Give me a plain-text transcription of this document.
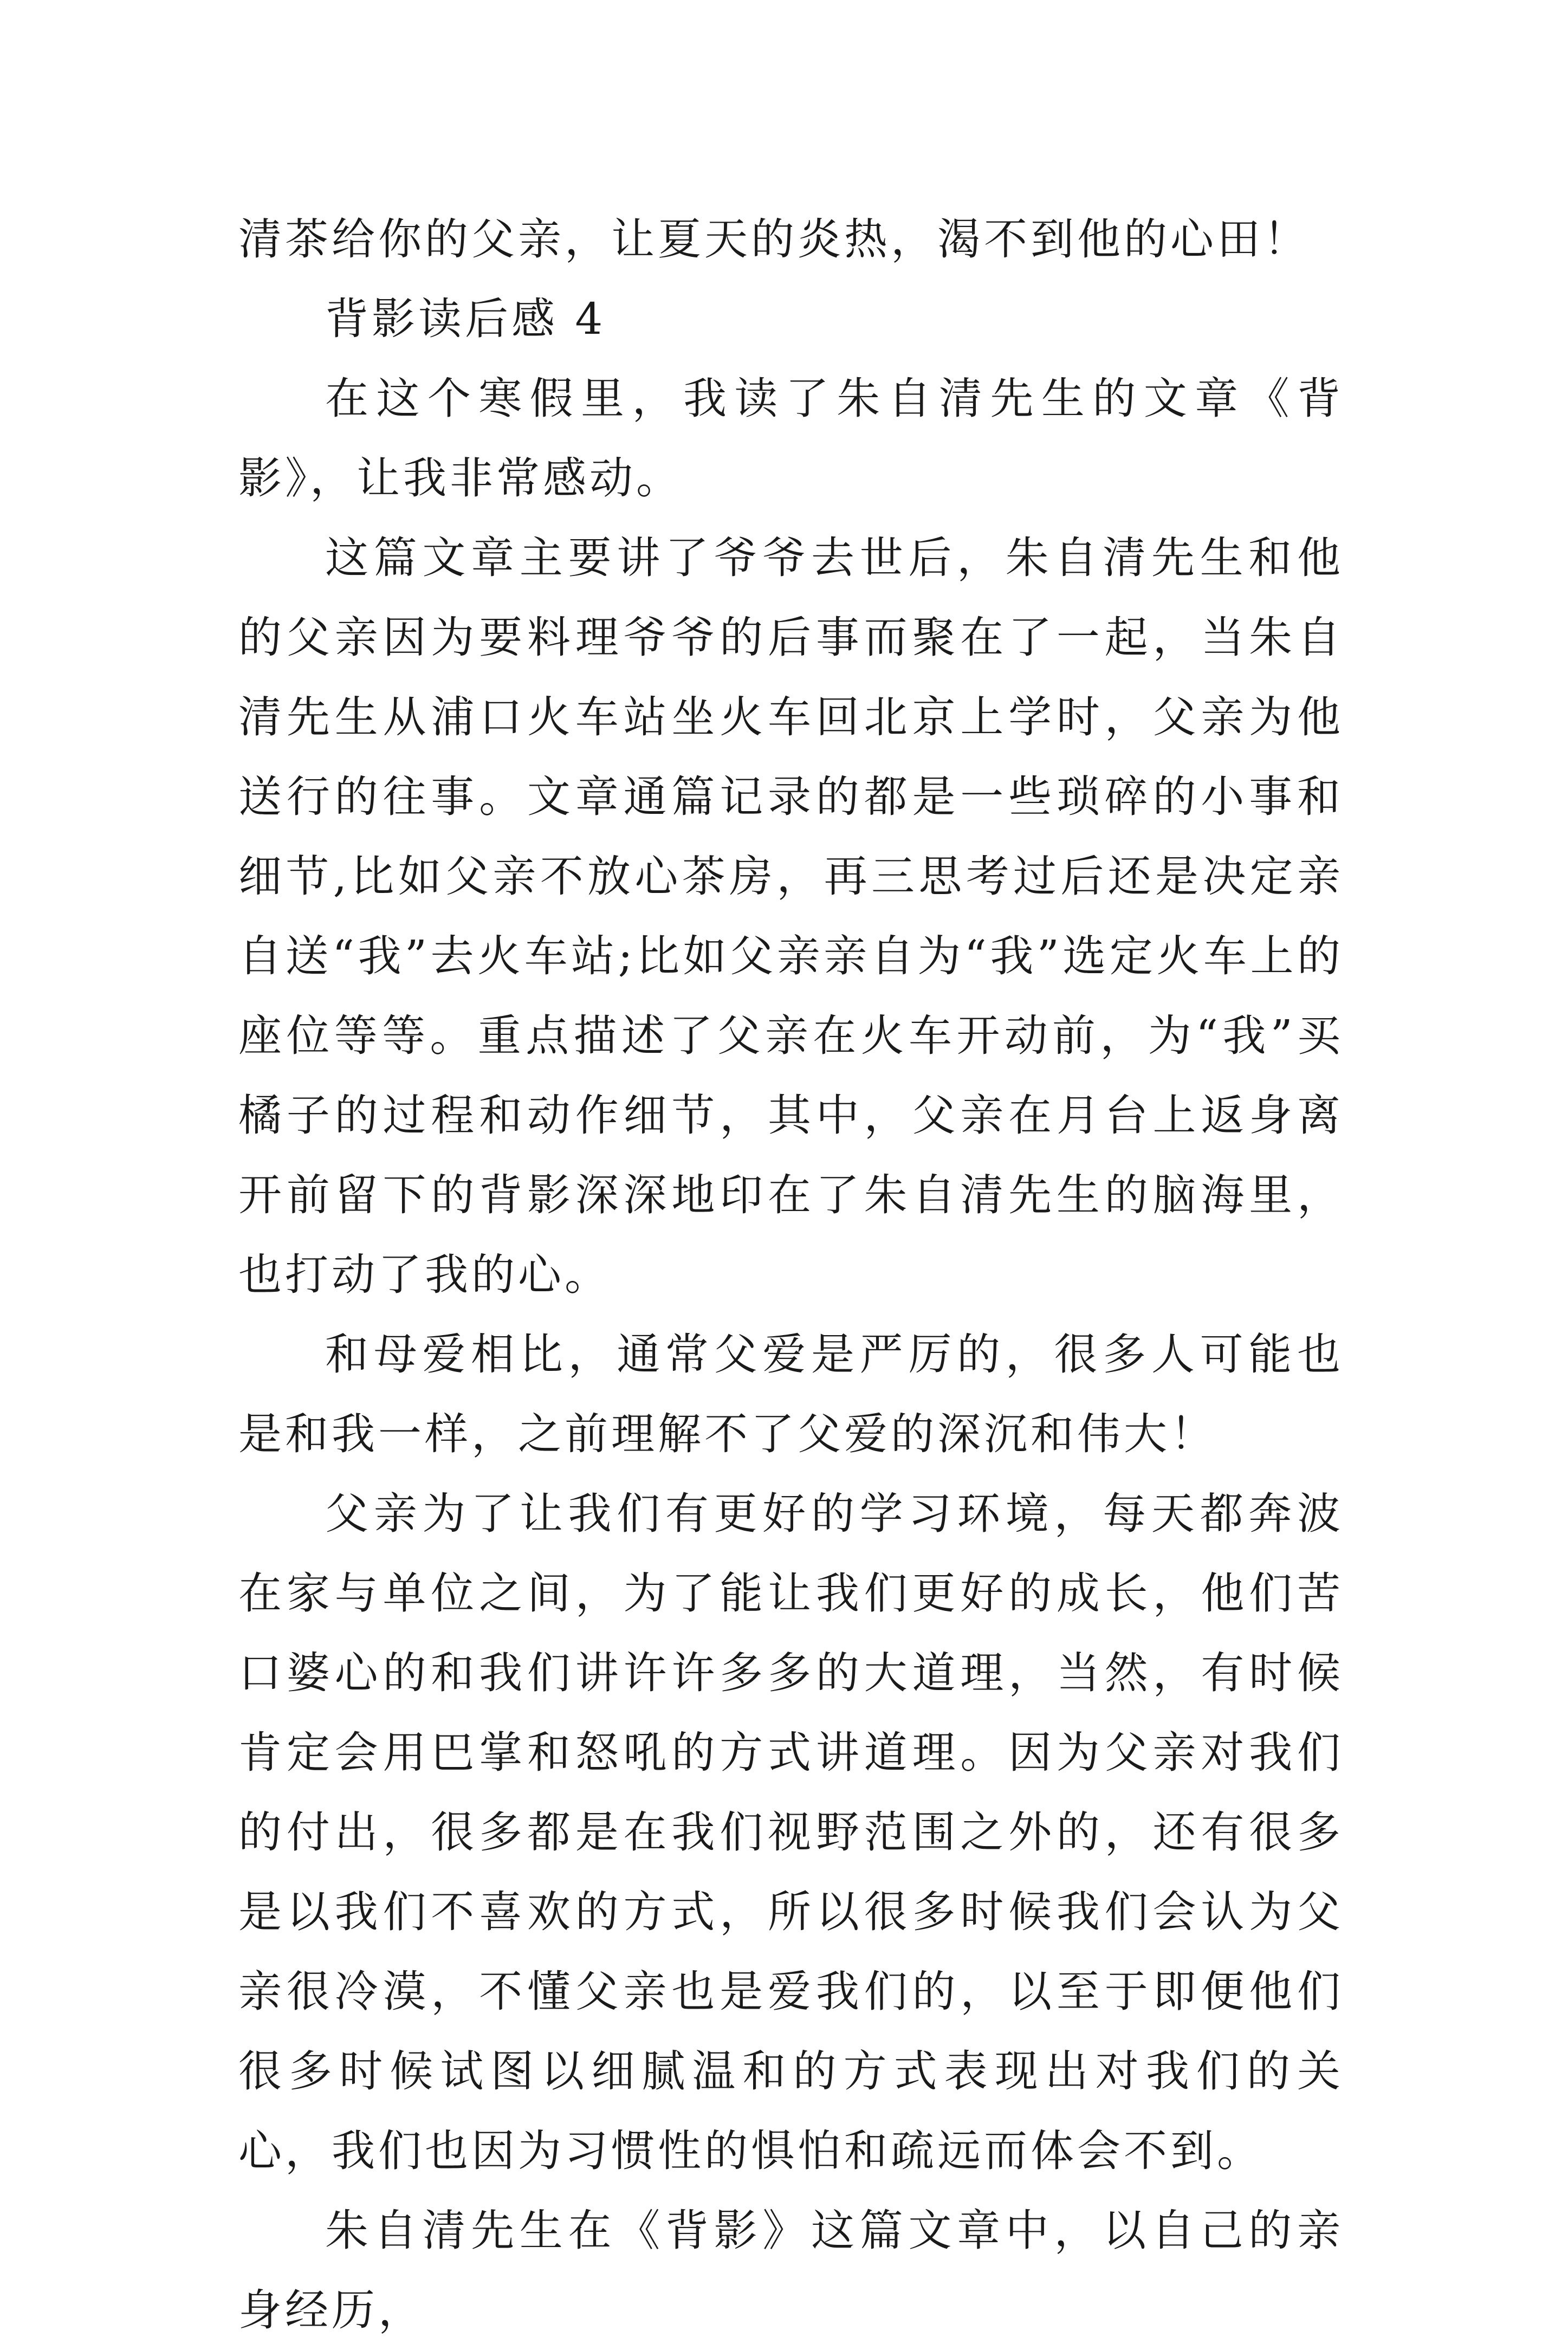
清茶给你的父亲，让夏天的炎热，渴不到他的心田！

背影读后感 4

在这个寒假里，我读了朱自清先生的文章《背影》，让我非常感动。

这篇文章主要讲了爷爷去世后，朱自清先生和他的父亲因为要料理爷爷的后事而聚在了一起，当朱自清先生从浦口火车站坐火车回北京上学时，父亲为他送行的往事。文章通篇记录的都是一些琐碎的小事和细节,比如父亲不放心茶房，再三思考过后还是决定亲自送“我”去火车站;比如父亲亲自为“我”选定火车上的座位等等。重点描述了父亲在火车开动前，为“我”买橘子的过程和动作细节，其中，父亲在月台上返身离开前留下的背影深深地印在了朱自清先生的脑海里，也打动了我的心。

和母爱相比，通常父爱是严厉的，很多人可能也是和我一样，之前理解不了父爱的深沉和伟大！

父亲为了让我们有更好的学习环境，每天都奔波在家与单位之间，为了能让我们更好的成长，他们苦口婆心的和我们讲许许多多的大道理，当然，有时候肯定会用巴掌和怒吼的方式讲道理。因为父亲对我们的付出，很多都是在我们视野范围之外的，还有很多是以我们不喜欢的方式，所以很多时候我们会认为父亲很冷漠，不懂父亲也是爱我们的，以至于即便他们很多时候试图以细腻温和的方式表现出对我们的关心，我们也因为习惯性的惧怕和疏远而体会不到。

朱自清先生在《背影》这篇文章中，以自己的亲身经历，
